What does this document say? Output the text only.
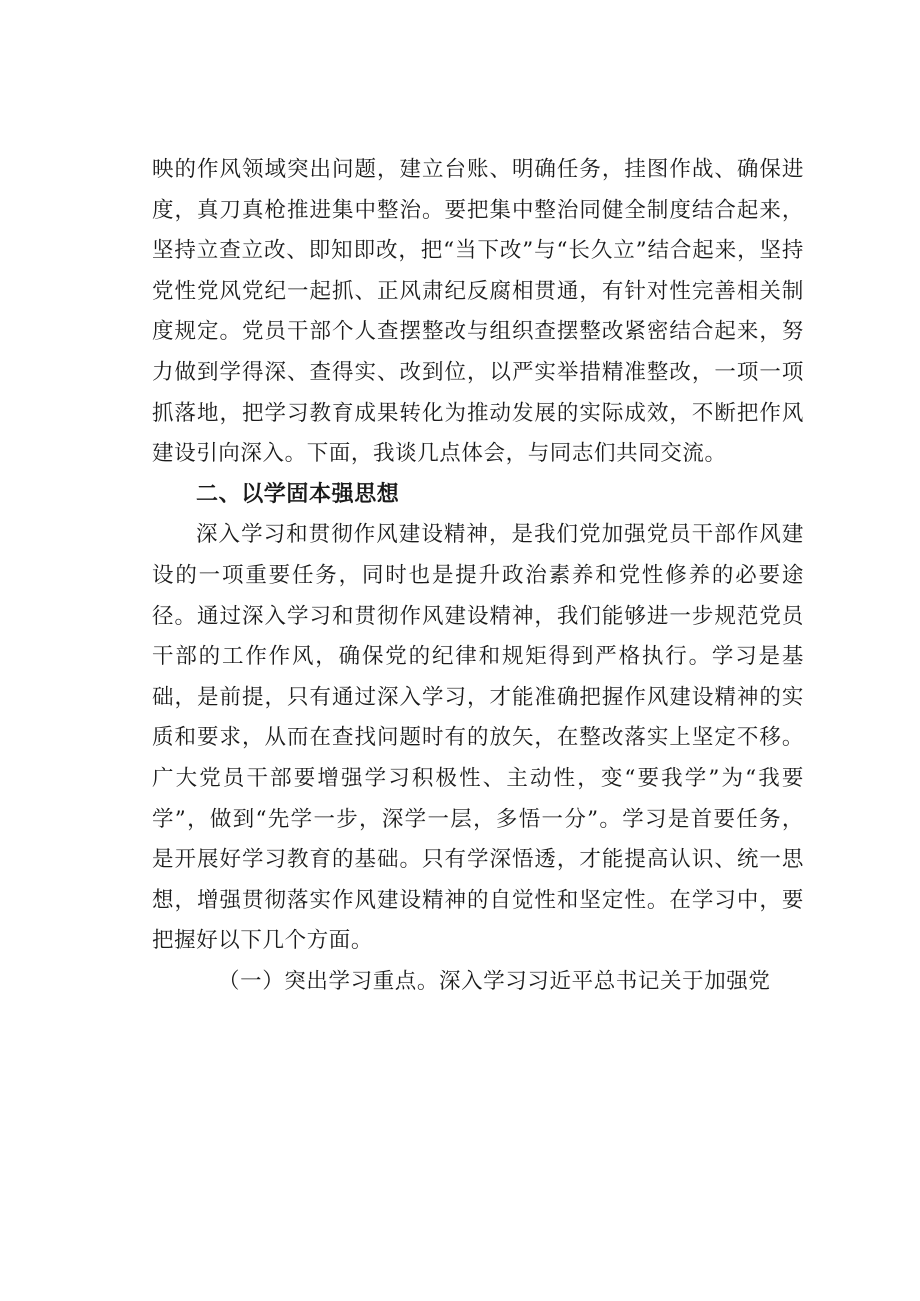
映的作风领域突出问题，建立台账、明确任务，挂图作战、确保进度，真刀真枪推进集中整治。要把集中整治同健全制度结合起来，坚持立查立改、即知即改，把“当下改”与“长久立”结合起来，坚持党性党风党纪一起抓、正风肃纪反腐相贯通，有针对性完善相关制度规定。党员干部个人查摆整改与组织查摆整改紧密结合起来，努力做到学得深、查得实、改到位，以严实举措精准整改，一项一项抓落地，把学习教育成果转化为推动发展的实际成效，不断把作风建设引向深入。下面，我谈几点体会，与同志们共同交流。

二、以学固本强思想

深入学习和贯彻作风建设精神，是我们党加强党员干部作风建设的一项重要任务，同时也是提升政治素养和党性修养的必要途径。通过深入学习和贯彻作风建设精神，我们能够进一步规范党员干部的工作作风，确保党的纪律和规矩得到严格执行。学习是基础，是前提，只有通过深入学习，才能准确把握作风建设精神的实质和要求，从而在查找问题时有的放矢，在整改落实上坚定不移。广大党员干部要增强学习积极性、主动性，变“要我学”为“我要学”，做到“先学一步，深学一层，多悟一分”。学习是首要任务，是开展好学习教育的基础。只有学深悟透，才能提高认识、统一思想，增强贯彻落实作风建设精神的自觉性和坚定性。在学习中，要把握好以下几个方面。

（一）突出学习重点。深入学习习近平总书记关于加强党
